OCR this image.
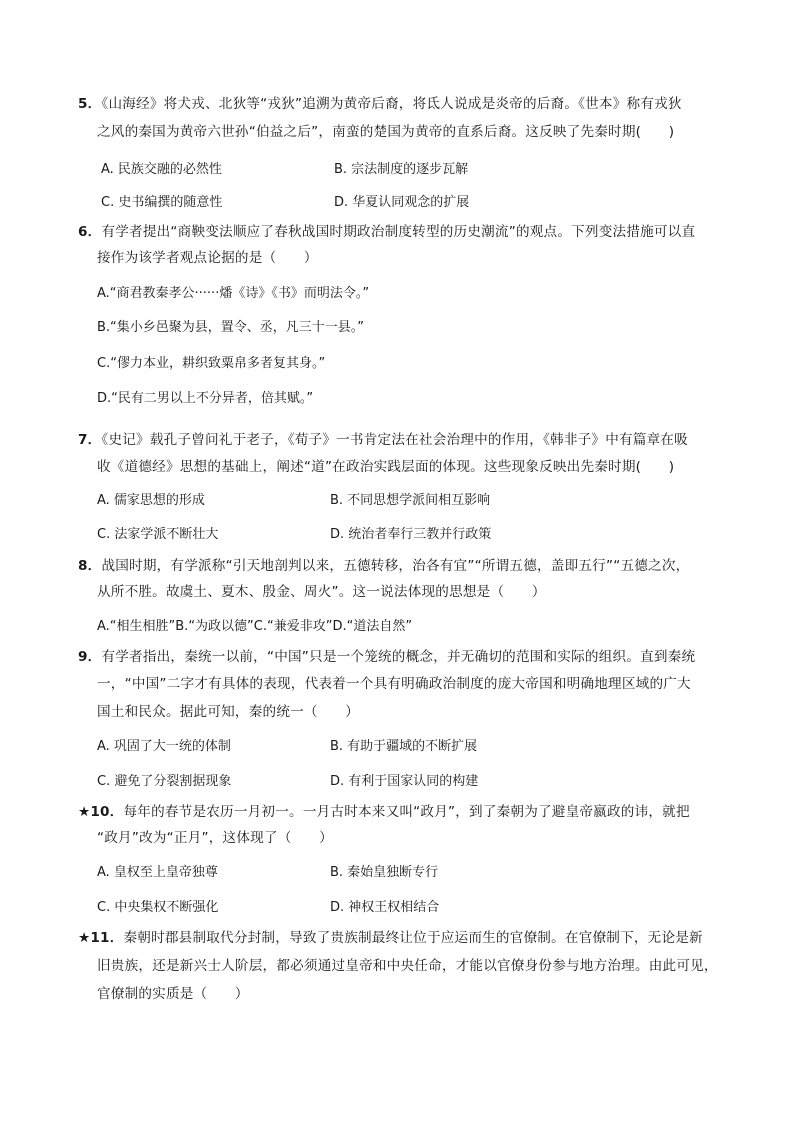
5．《山海经》将犬戎、北狄等“戎狄”追溯为黄帝后裔，将氐人说成是炎帝的后裔。《世本》称有戎狄
之风的秦国为黄帝六世孙“伯益之后”，南蛮的楚国为黄帝的直系后裔。这反映了先秦时期(　　)
A. 民族交融的必然性	B. 宗法制度的逐步瓦解
C. 史书编撰的随意性	D. 华夏认同观念的扩展
6．有学者提出“商鞅变法顺应了春秋战国时期政治制度转型的历史潮流”的观点。下列变法措施可以直
接作为该学者观点论据的是（　　）
A.“商君教秦孝公······燔《诗》《书》而明法令。”
B.“集小乡邑聚为县，置令、丞，凡三十一县。”
C.“僇力本业，耕织致粟帛多者复其身。”
D.“民有二男以上不分异者，倍其赋。”
7．《史记》载孔子曾问礼于老子，《荀子》一书肯定法在社会治理中的作用，《韩非子》中有篇章在吸
收《道德经》思想的基础上，阐述“道”在政治实践层面的体现。这些现象反映出先秦时期(　　)
A. 儒家思想的形成	B. 不同思想学派间相互影响
C. 法家学派不断壮大	D. 统治者奉行三教并行政策
8．战国时期，有学派称“引天地剖判以来，五德转移，治各有宜”“所谓五德，盖即五行”“五德之次，
从所不胜。故虞土、夏木、殷金、周火”。这一说法体现的思想是（　　）
A.“相生相胜”B.“为政以德”C.“兼爱非攻”D.“道法自然”
9．有学者指出，秦统一以前，“中国”只是一个笼统的概念，并无确切的范围和实际的组织。直到秦统
一，“中国”二字才有具体的表现，代表着一个具有明确政治制度的庞大帝国和明确地理区域的广大
国土和民众。据此可知，秦的统一（　　）
A. 巩固了大一统的体制	B. 有助于疆域的不断扩展
C. 避免了分裂割据现象	D. 有利于国家认同的构建
★10．每年的春节是农历一月初一。一月古时本来又叫“政月”，到了秦朝为了避皇帝嬴政的讳，就把
“政月”改为“正月”，这体现了（　　）
A. 皇权至上皇帝独尊	B. 秦始皇独断专行
C. 中央集权不断强化	D. 神权王权相结合
★11．秦朝时郡县制取代分封制，导致了贵族制最终让位于应运而生的官僚制。在官僚制下，无论是新
旧贵族，还是新兴士人阶层，都必须通过皇帝和中央任命，才能以官僚身份参与地方治理。由此可见，
官僚制的实质是（　　）
